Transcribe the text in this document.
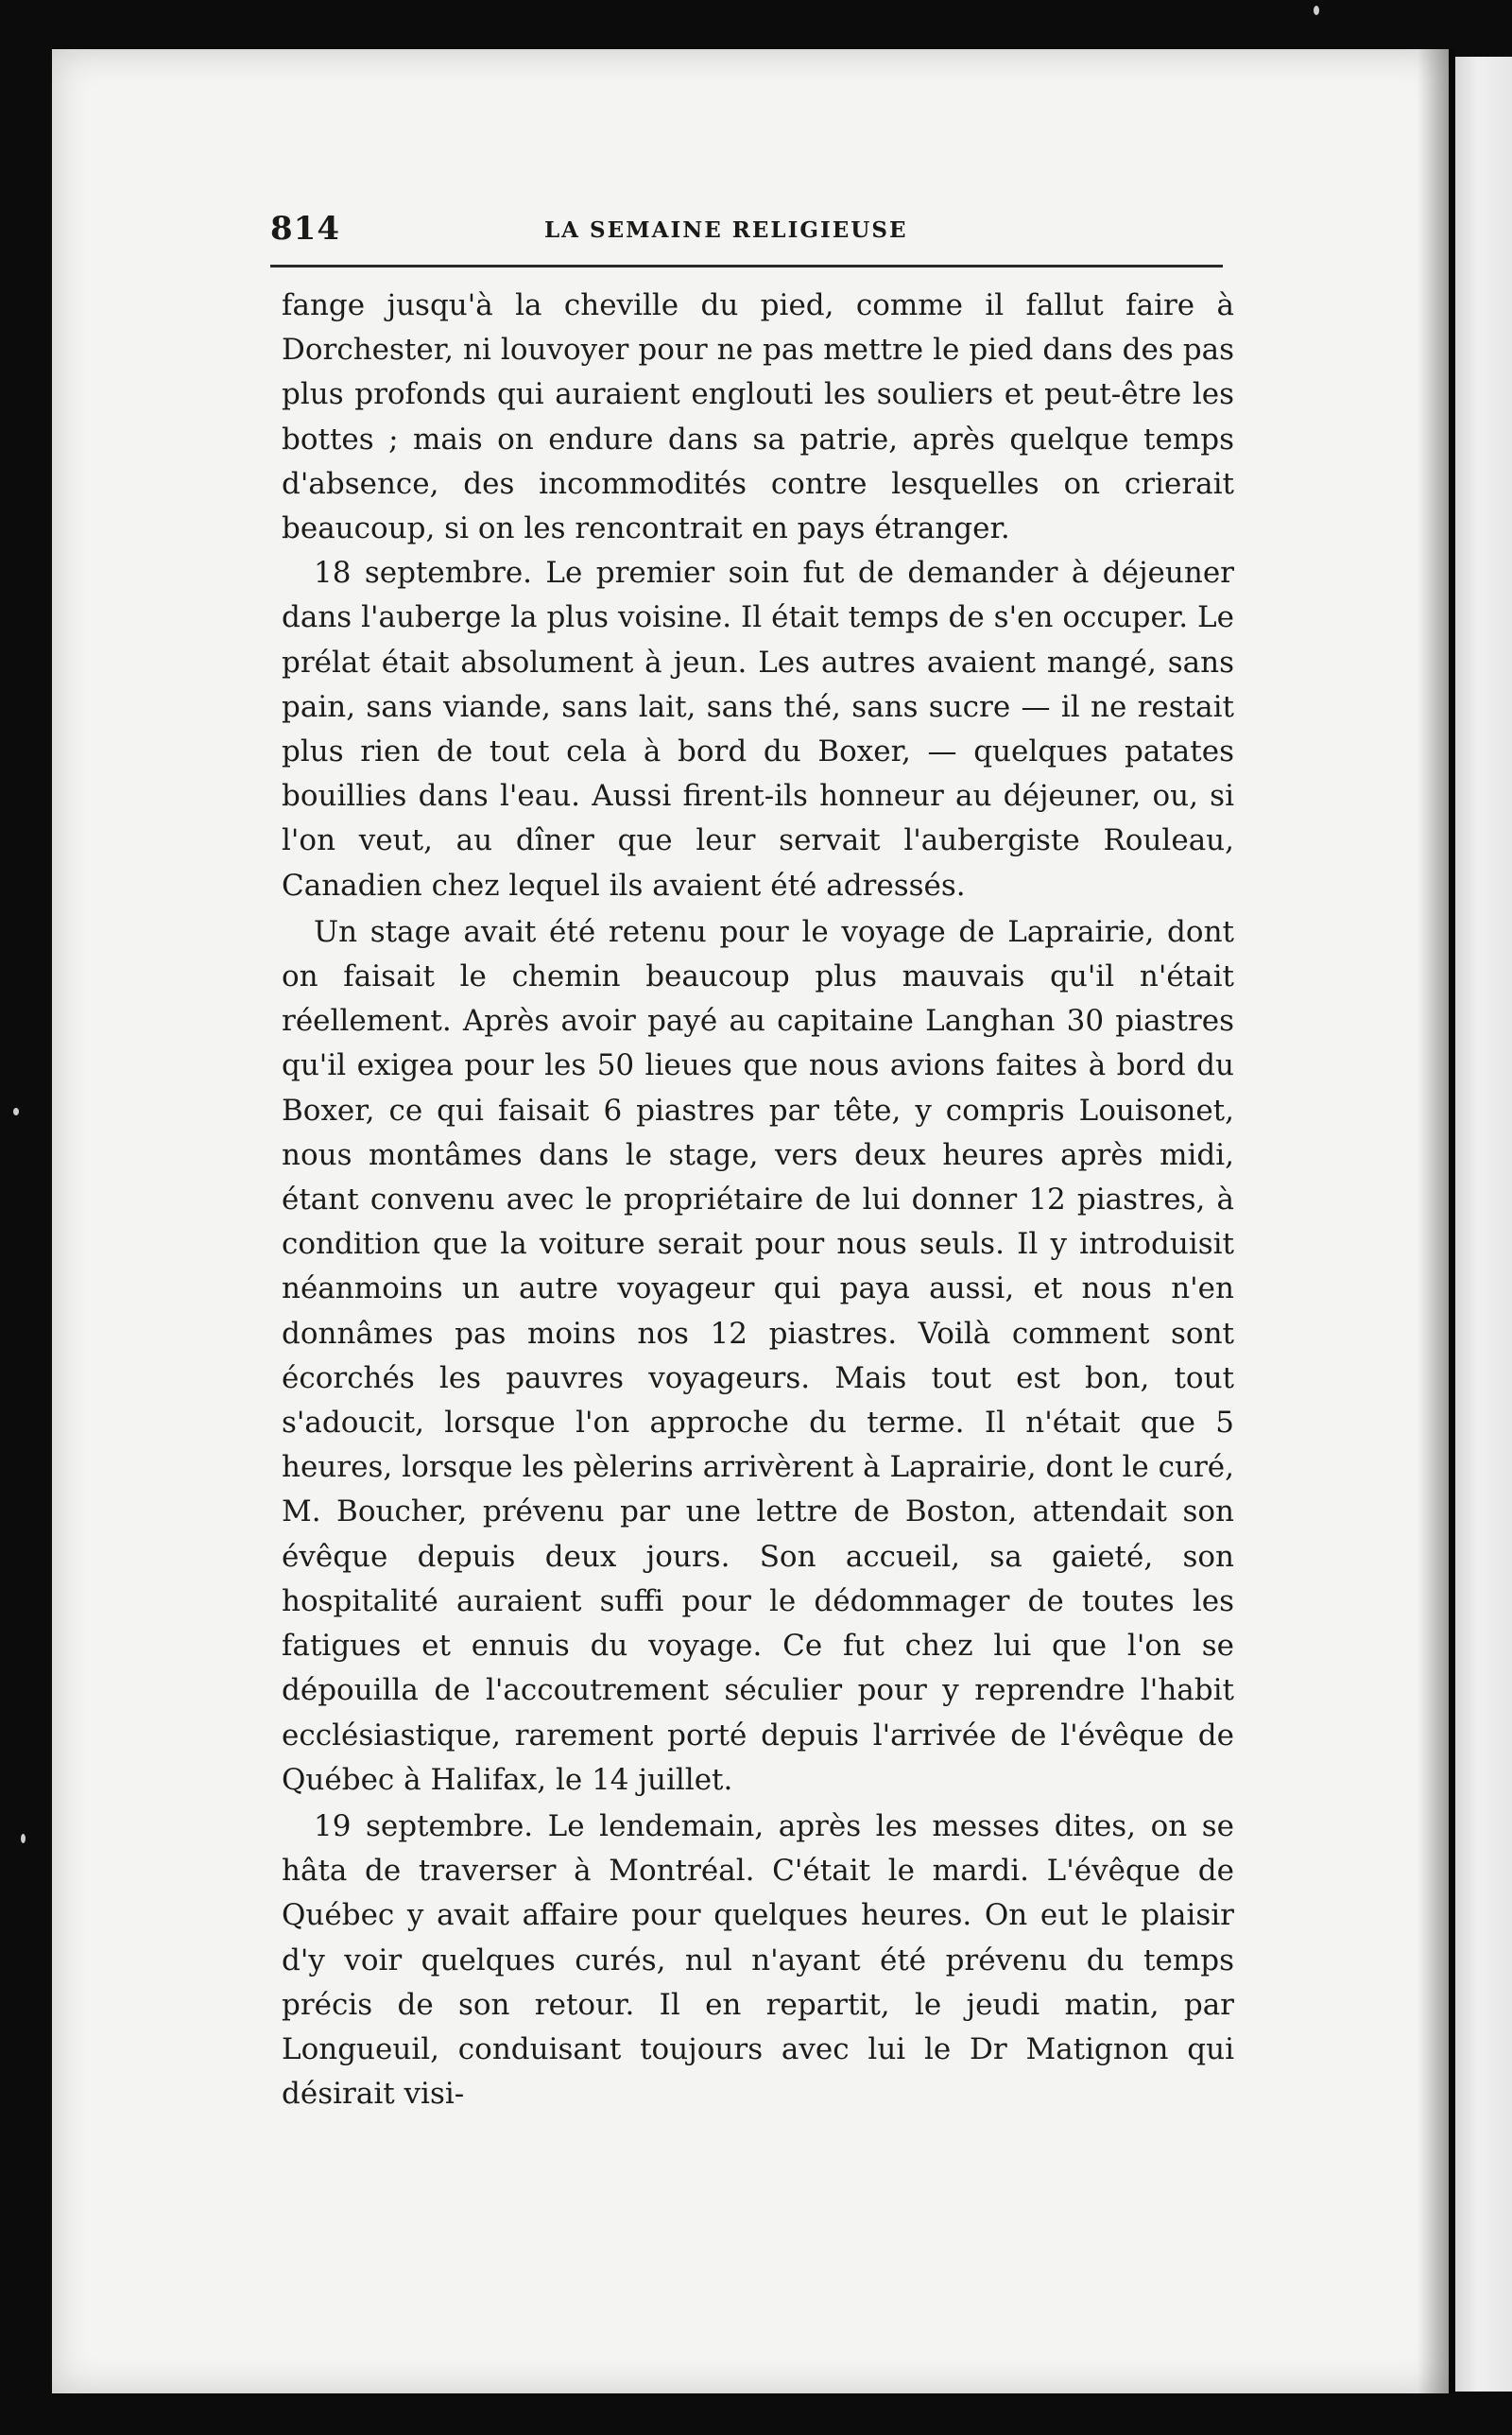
814	LA SEMAINE RELIGIEUSE

fange jusqu'à la cheville du pied, comme il fallut faire à Dorchester, ni louvoyer pour ne pas mettre le pied dans des pas plus profonds qui auraient englouti les souliers et peut-être les bottes ; mais on endure dans sa patrie, après quelque temps d'absence, des incommodités contre lesquelles on crierait beaucoup, si on les rencontrait en pays étranger.

18 septembre. Le premier soin fut de demander à déjeuner dans l'auberge la plus voisine. Il était temps de s'en occuper. Le prélat était absolument à jeun. Les autres avaient mangé, sans pain, sans viande, sans lait, sans thé, sans sucre — il ne restait plus rien de tout cela à bord du Boxer, — quelques patates bouillies dans l'eau. Aussi firent-ils honneur au déjeuner, ou, si l'on veut, au dîner que leur servait l'aubergiste Rouleau, Canadien chez lequel ils avaient été adressés.

Un stage avait été retenu pour le voyage de Laprairie, dont on faisait le chemin beaucoup plus mauvais qu'il n'était réellement. Après avoir payé au capitaine Langhan 30 piastres qu'il exigea pour les 50 lieues que nous avions faites à bord du Boxer, ce qui faisait 6 piastres par tête, y compris Louisonet, nous montâmes dans le stage, vers deux heures après midi, étant convenu avec le propriétaire de lui donner 12 piastres, à condition que la voiture serait pour nous seuls. Il y introduisit néanmoins un autre voyageur qui paya aussi, et nous n'en donnâmes pas moins nos 12 piastres. Voilà comment sont écorchés les pauvres voyageurs. Mais tout est bon, tout s'adoucit, lorsque l'on approche du terme. Il n'était que 5 heures, lorsque les pèlerins arrivèrent à Laprairie, dont le curé, M. Boucher, prévenu par une lettre de Boston, attendait son évêque depuis deux jours. Son accueil, sa gaieté, son hospitalité auraient suffi pour le dédommager de toutes les fatigues et ennuis du voyage. Ce fut chez lui que l'on se dépouilla de l'accoutrement séculier pour y reprendre l'habit ecclésiastique, rarement porté depuis l'arrivée de l'évêque de Québec à Halifax, le 14 juillet.

19 septembre. Le lendemain, après les messes dites, on se hâta de traverser à Montréal. C'était le mardi. L'évêque de Québec y avait affaire pour quelques heures. On eut le plaisir d'y voir quelques curés, nul n'ayant été prévenu du temps précis de son retour. Il en repartit, le jeudi matin, par Longueuil, conduisant toujours avec lui le Dr Matignon qui désirait visi-
